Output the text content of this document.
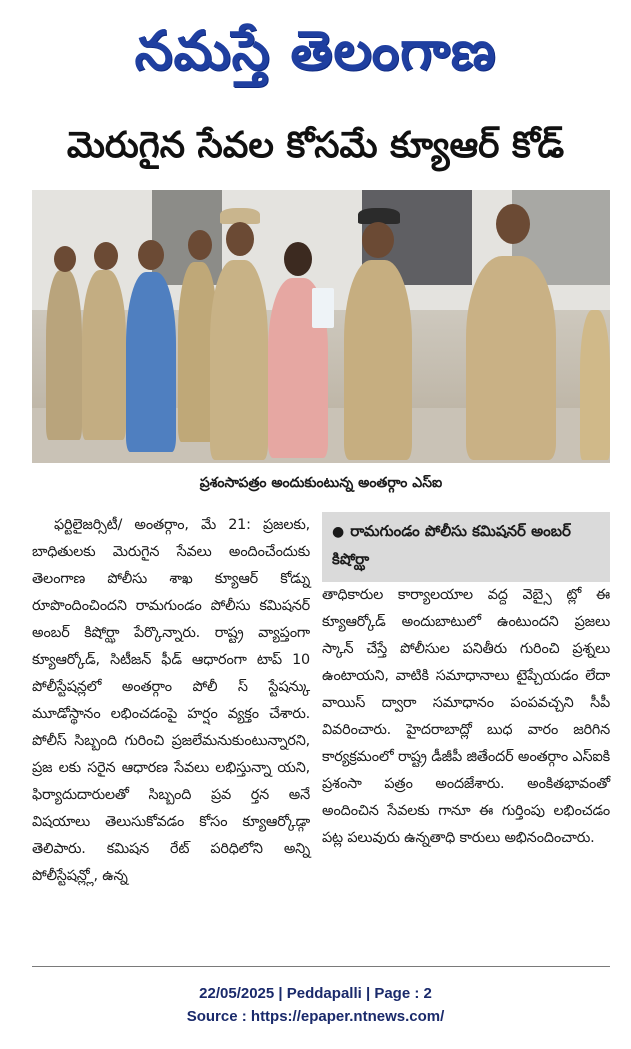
నమస్తే తెలంగాణ
మెరుగైన సేవల కోసమే క్యూఆర్ కోడ్
ప్రశంసాపత్రం అందుకుంటున్న అంతర్గాం ఎస్ఐ

ఫర్టిలైజర్సిటీ/ అంతర్గాం, మే 21: ప్రజలకు, బాధితులకు మెరుగైన సేవలు అందించేందుకు తెలంగాణ పోలీసు శాఖ క్యూఆర్ కోడ్ను రూపొందించిందని రామగుండం పోలీసు కమిషనర్ అంబర్ కిషోర్ఝా పేర్కొన్నారు. రాష్ట్ర వ్యాప్తంగా క్యూఆర్కోడ్, సిటీజన్ ఫీడ్ ఆధారంగా టాప్ 10 పోలీస్టేషన్లలో అంతర్గాం పోలీ స్ స్టేషన్కు మూడోస్థానం లభించడంపై హర్షం వ్యక్తం చేశారు. పోలీస్ సిబ్బంది గురించి ప్రజలేమనుకుంటున్నారని, ప్రజ లకు సరైన ఆధారణ సేవలు లభిస్తున్నా యని, ఫిర్యాదుదారులతో సిబ్బంది ప్రవ ర్తన అనే విషయాలు తెలుసుకోవడం కోసం క్యూఆర్కోడ్గా తెలిపారు. కమిషన రేట్ పరిధిలోని అన్ని పోలీస్టేషన్ల్లో, ఉన్న

● రామగుండం పోలీసు కమిషనర్ అంబర్ కిషోర్ఝా

తాధికారుల కార్యాలయాల వద్ద వెబ్సై ట్లో ఈ క్యూఆర్కోడ్ అందుబాటులో ఉంటుందని ప్రజలు స్కాన్ చేస్తే పోలీసుల పనితీరు గురించి ప్రశ్నలు ఉంటాయని, వాటికి సమాధానాలు టైప్చేయడం లేదా వాయిస్ ద్వారా సమాధానం పంపవచ్చని సీపీ వివరించారు. హైదరాబాద్లో బుధ వారం జరిగిన కార్యక్రమంలో రాష్ట్ర డీజీపీ జితేందర్ అంతర్గాం ఎస్ఐకి ప్రశంసా పత్రం అందజేశారు. అంకితభావంతో అందించిన సేవలకు గానూ ఈ గుర్తింపు లభించడం పట్ల పలువురు ఉన్నతాధి కారులు అభినందించారు.

22/05/2025 | Peddapalli | Page : 2
Source : https://epaper.ntnews.com/
